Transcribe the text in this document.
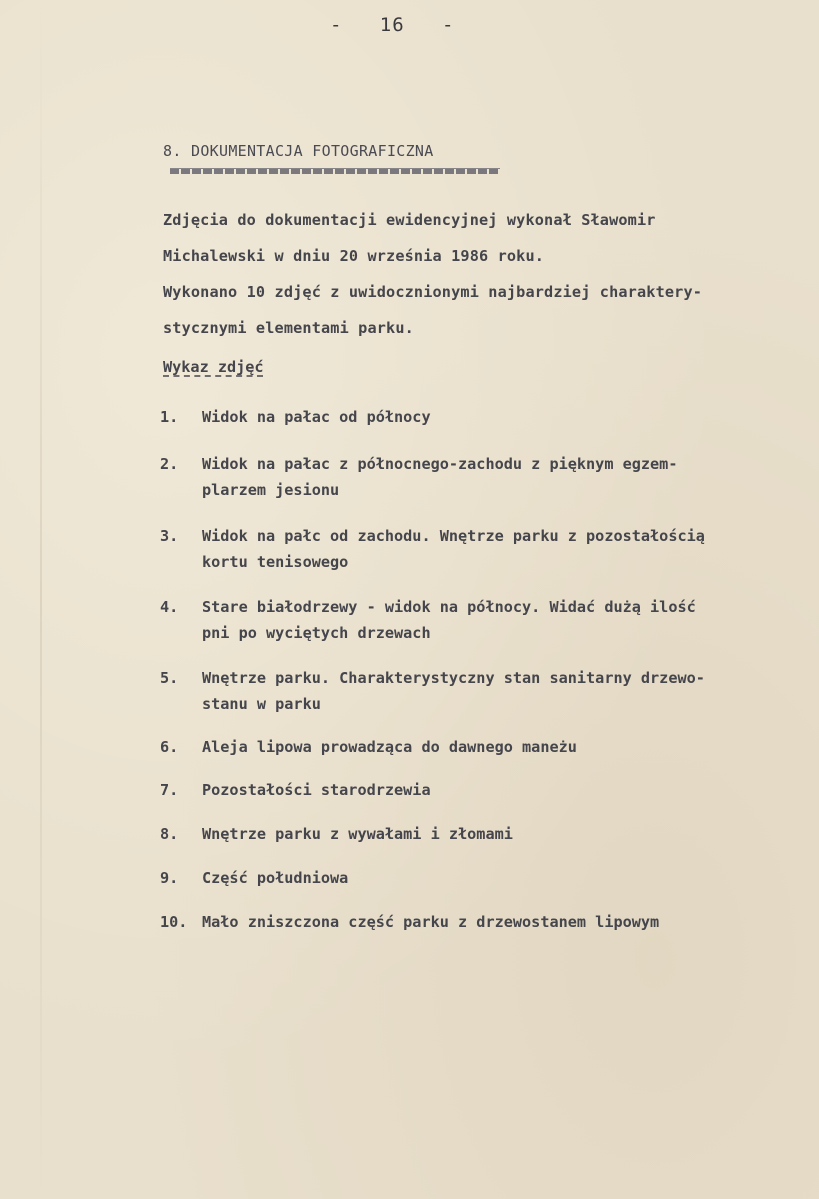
-   16   -
8. DOKUMENTACJA FOTOGRAFICZNA
Zdjęcia do dokumentacji ewidencyjnej wykonał Sławomir
Michalewski w dniu 20 września 1986 roku.
Wykonano 10 zdjęć z uwidocznionymi najbardziej charaktery-
stycznymi elementami parku.
Wykaz zdjęć
1.	Widok na pałac od północy
2.	Widok na pałac z północnego-zachodu z pięknym egzem-
plarzem jesionu
3.	Widok na pałc od zachodu. Wnętrze parku z pozostałością
kortu tenisowego
4.	Stare białodrzewy - widok na północy. Widać dużą ilość
pni po wyciętych drzewach
5.	Wnętrze parku. Charakterystyczny stan sanitarny drzewo-
stanu w parku
6.	Aleja lipowa prowadząca do dawnego maneżu
7.	Pozostałości starodrzewia
8.	Wnętrze parku z wywałami i złomami
9.	Część południowa
10. Mało zniszczona część parku z drzewostanem lipowym
